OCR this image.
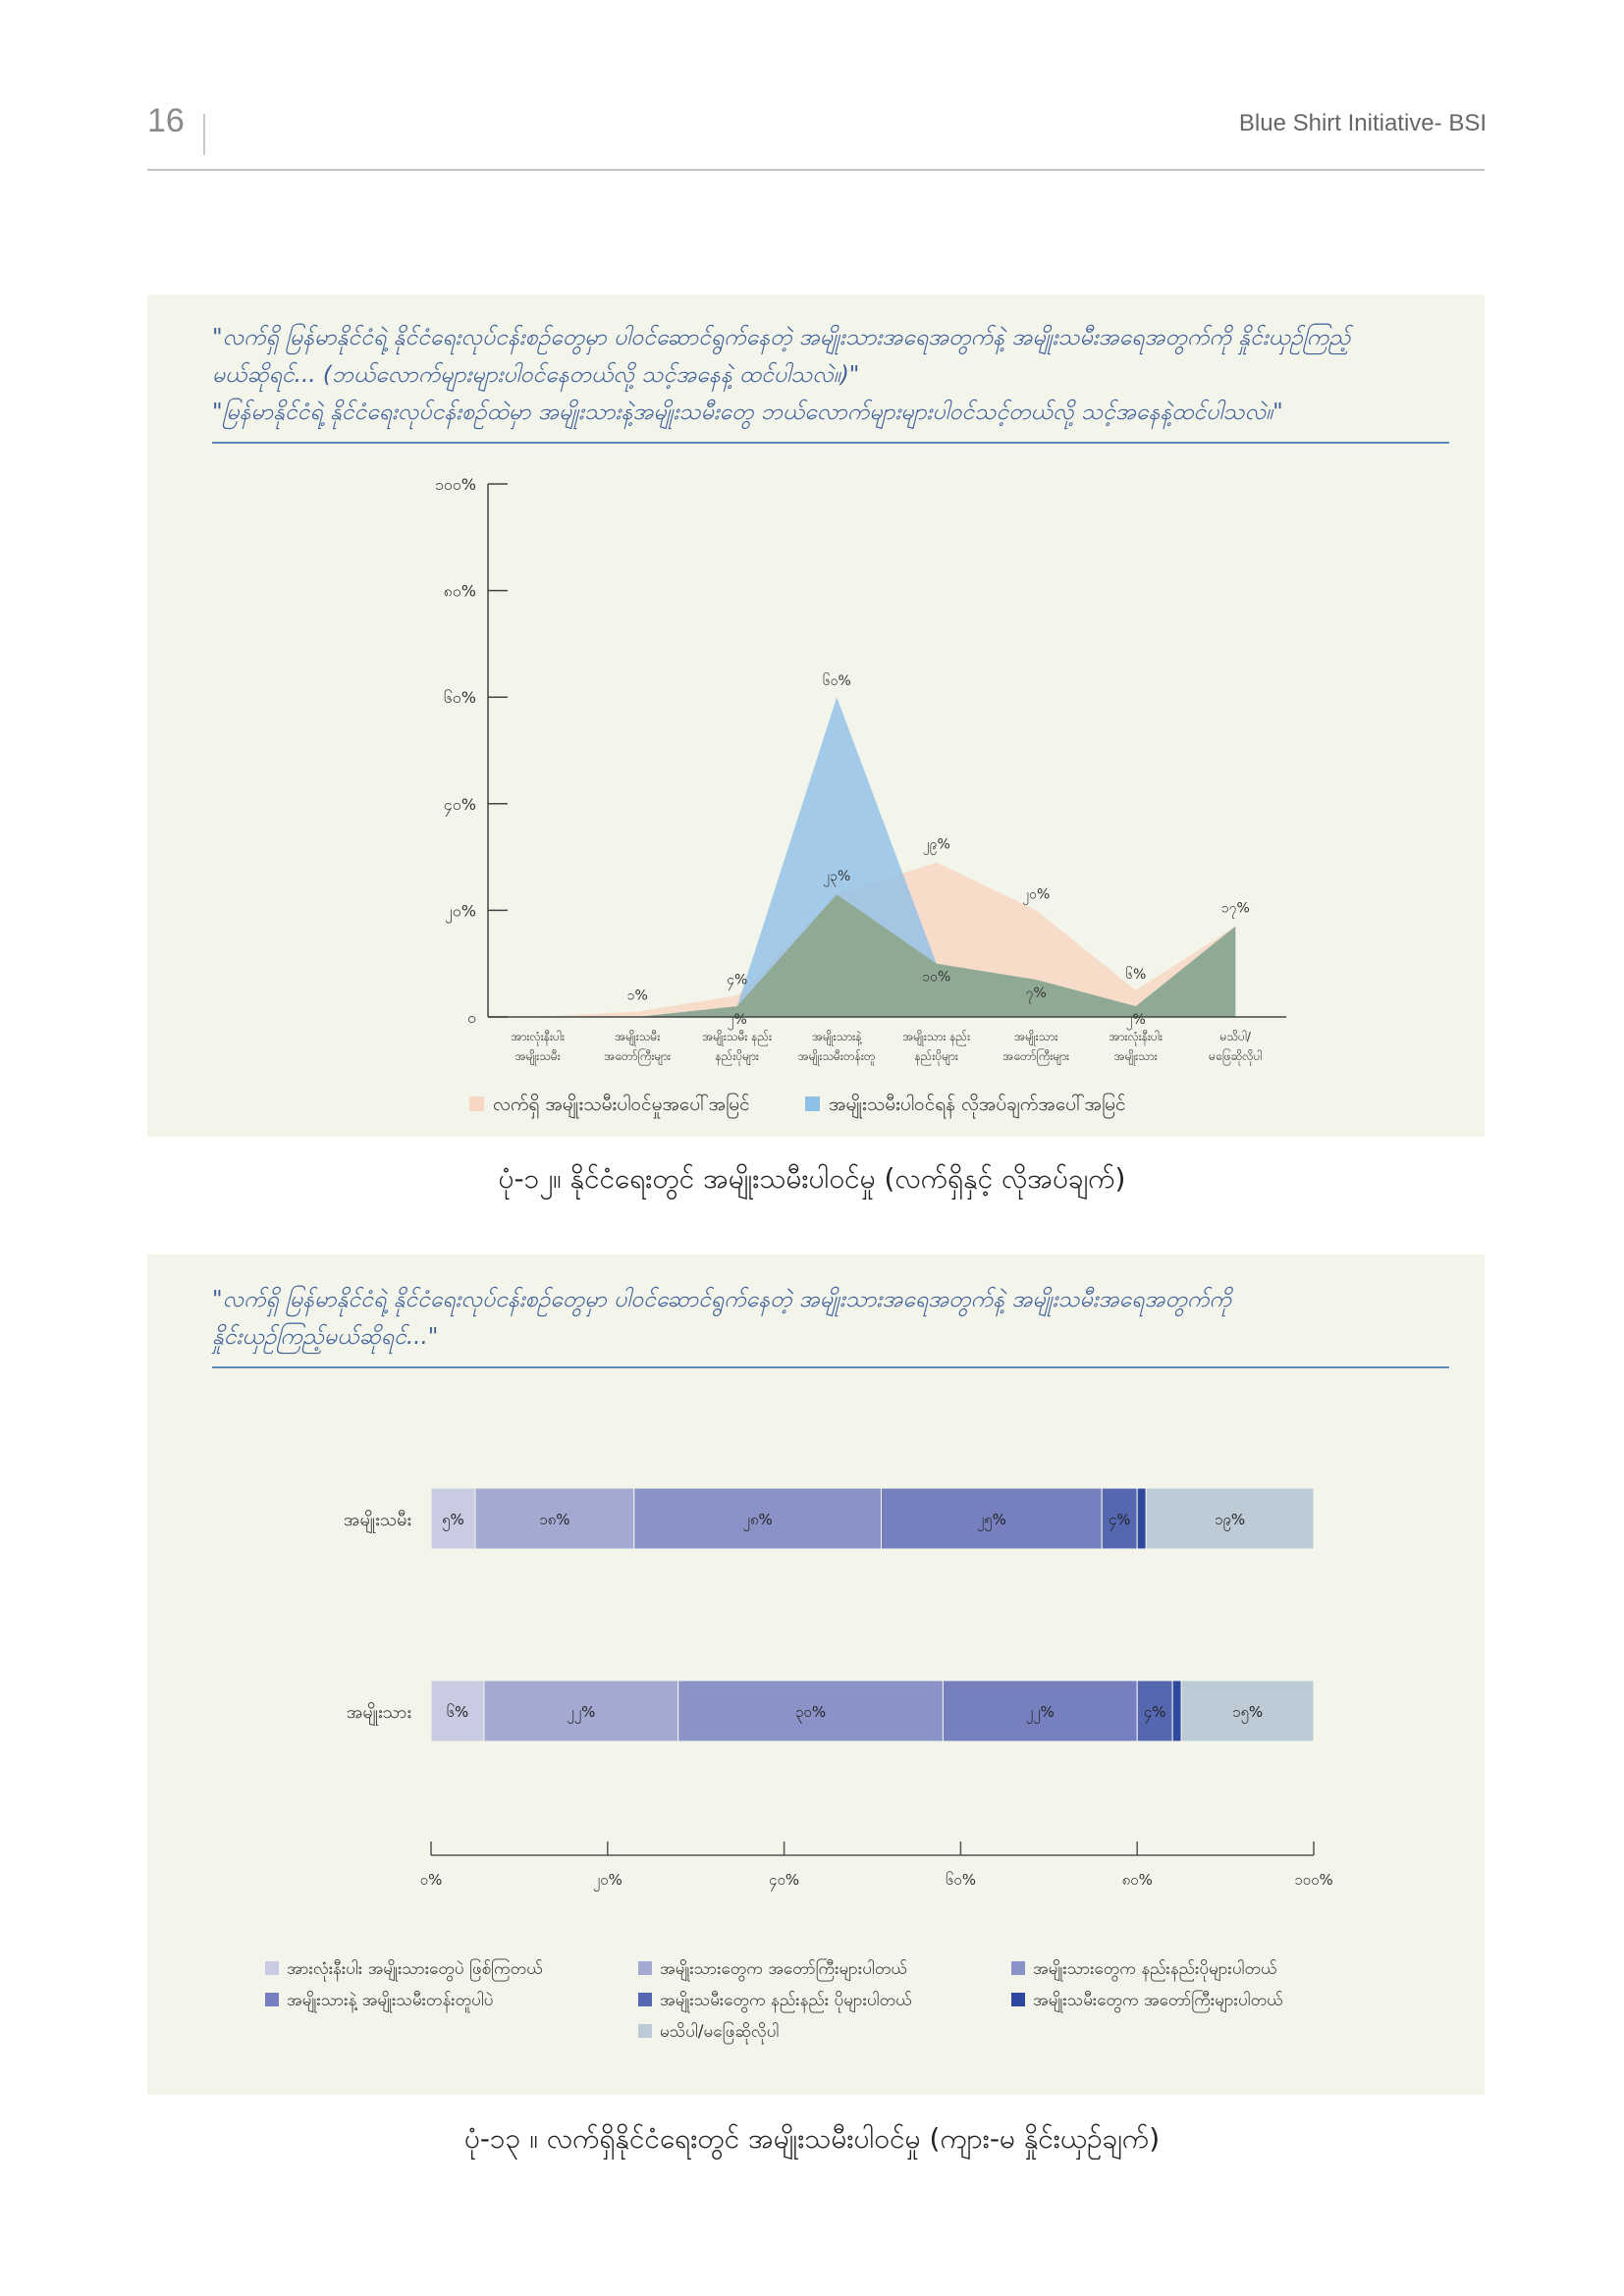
16	Blue Shirt Initiative- BSI

"လက်ရှိ မြန်မာနိုင်ငံရဲ့ နိုင်ငံရေးလုပ်ငန်းစဉ်တွေမှာ ပါဝင်ဆောင်ရွက်နေတဲ့ အမျိုးသားအရေအတွက်နဲ့ အမျိုးသမီးအရေအတွက်ကို နှိုင်းယှဉ်ကြည့်

မယ်ဆိုရင်... (ဘယ်လောက်များများပါဝင်နေတယ်လို့ သင့်အနေနဲ့ ထင်ပါသလဲ။)"

"မြန်မာနိုင်ငံရဲ့ နိုင်ငံရေးလုပ်ငန်းစဉ်ထဲမှာ အမျိုးသားနဲ့အမျိုးသမီးတွေ ဘယ်လောက်များများပါဝင်သင့်တယ်လို့ သင့်အနေနဲ့ထင်ပါသလဲ။"

၀
၂၀%
၄၀%
၆၀%
၈၀%
၁၀၀%
အားလုံးနီးပါး
အမျိုးသမီး
အမျိုးသမီး
အတော်ကြီးများ
အမျိုးသမီး နည်း
နည်းပိုများ
အမျိုးသားနဲ့
အမျိုးသမီးတန်းတူ
အမျိုးသား နည်း
နည်းပိုများ
အမျိုးသား
အတော်ကြီးများ
အားလုံးနီးပါး
အမျိုးသား
မသိပါ/
မဖြေဆိုလိုပါ
၁%
၄%
၂၉%
၂၀%
၆%
၂%
၆၀%
၁၀%
၇%
၂%
၂၃%
၁၇%
လက်ရှိ အမျိုးသမီးပါဝင်မှုအပေါ်အမြင်	အမျိုးသမီးပါဝင်ရန် လိုအပ်ချက်အပေါ်အမြင်

ပုံ-၁၂။ နိုင်ငံရေးတွင် အမျိုးသမီးပါဝင်မှု (လက်ရှိနှင့် လိုအပ်ချက်)

"လက်ရှိ မြန်မာနိုင်ငံရဲ့ နိုင်ငံရေးလုပ်ငန်းစဉ်တွေမှာ ပါဝင်ဆောင်ရွက်နေတဲ့ အမျိုးသားအရေအတွက်နဲ့ အမျိုးသမီးအရေအတွက်ကို

နှိုင်းယှဉ်ကြည့်မယ်ဆိုရင်..."

အမျိုးသမီး ၅%	၁၈%	၂၈%	၂၅%	၄%	၁၉%
အမျိုးသား ၆%	၂၂%	၃၀%	၂၂%	၄%	၁၅%
၀%	၂၀%	၄၀%	၆၀%	၈၀%	၁၀၀%
အားလုံးနီးပါး အမျိုးသားတွေပဲ ဖြစ်ကြတယ်	အမျိုးသားတွေက အတော်ကြီးများပါတယ်	အမျိုးသားတွေက နည်းနည်းပိုများပါတယ်
အမျိုးသားနဲ့ အမျိုးသမီးတန်းတူပါပဲ	အမျိုးသမီးတွေက နည်းနည်း ပိုများပါတယ်	အမျိုးသမီးတွေက အတော်ကြီးများပါတယ်
မသိပါ/မဖြေဆိုလိုပါ

ပုံ-၁၃ ။ လက်ရှိနိုင်ငံရေးတွင် အမျိုးသမီးပါဝင်မှု (ကျား-မ နှိုင်းယှဉ်ချက်)
